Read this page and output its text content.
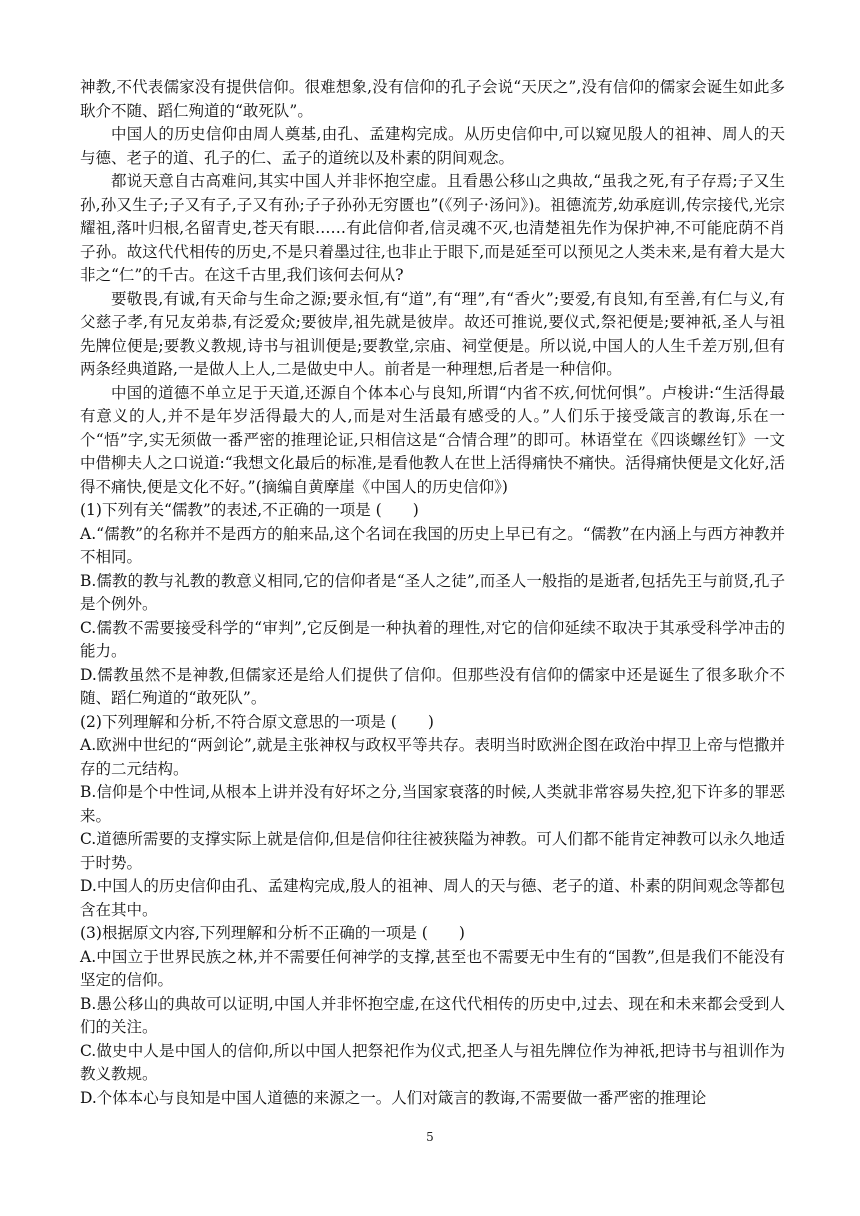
神教,不代表儒家没有提供信仰。很难想象,没有信仰的孔子会说“天厌之”,没有信仰的儒家会诞生如此多耿介不随、蹈仁殉道的“敢死队”。

中国人的历史信仰由周人奠基,由孔、孟建构完成。从历史信仰中,可以窥见殷人的祖神、周人的天与德、老子的道、孔子的仁、孟子的道统以及朴素的阴间观念。

都说天意自古高难问,其实中国人并非怀抱空虚。且看愚公移山之典故,“虽我之死,有子存焉;子又生孙,孙又生子;子又有子,子又有孙;子子孙孙无穷匮也”(《列子·汤问》)。祖德流芳,幼承庭训,传宗接代,光宗耀祖,落叶归根,名留青史,苍天有眼……有此信仰者,信灵魂不灭,也清楚祖先作为保护神,不可能庇荫不肖子孙。故这代代相传的历史,不是只着墨过往,也非止于眼下,而是延至可以预见之人类未来,是有着大是大非之“仁”的千古。在这千古里,我们该何去何从?

要敬畏,有诚,有天命与生命之源;要永恒,有“道”,有“理”,有“香火”;要爱,有良知,有至善,有仁与义,有父慈子孝,有兄友弟恭,有泛爱众;要彼岸,祖先就是彼岸。故还可推说,要仪式,祭祀便是;要神祇,圣人与祖先牌位便是;要教义教规,诗书与祖训便是;要教堂,宗庙、祠堂便是。所以说,中国人的人生千差万别,但有两条经典道路,一是做人上人,二是做史中人。前者是一种理想,后者是一种信仰。

中国的道德不单立足于天道,还源自个体本心与良知,所谓“内省不疚,何忧何惧”。卢梭讲:“生活得最有意义的人,并不是年岁活得最大的人,而是对生活最有感受的人。”人们乐于接受箴言的教诲,乐在一个“悟”字,实无须做一番严密的推理论证,只相信这是“合情合理”的即可。林语堂在《四谈螺丝钉》一文中借柳夫人之口说道:“我想文化最后的标准,是看他教人在世上活得痛快不痛快。活得痛快便是文化好,活得不痛快,便是文化不好。”(摘编自黄摩崖《中国人的历史信仰》)

(1)下列有关“儒教”的表述,不正确的一项是 (　　)

A.“儒教”的名称并不是西方的舶来品,这个名词在我国的历史上早已有之。“儒教”在内涵上与西方神教并不相同。

B.儒教的教与礼教的教意义相同,它的信仰者是“圣人之徒”,而圣人一般指的是逝者,包括先王与前贤,孔子是个例外。

C.儒教不需要接受科学的“审判”,它反倒是一种执着的理性,对它的信仰延续不取决于其承受科学冲击的能力。

D.儒教虽然不是神教,但儒家还是给人们提供了信仰。但那些没有信仰的儒家中还是诞生了很多耿介不随、蹈仁殉道的“敢死队”。

(2)下列理解和分析,不符合原文意思的一项是 (　　)

A.欧洲中世纪的“两剑论”,就是主张神权与政权平等共存。表明当时欧洲企图在政治中捍卫上帝与恺撒并存的二元结构。

B.信仰是个中性词,从根本上讲并没有好坏之分,当国家衰落的时候,人类就非常容易失控,犯下许多的罪恶来。

C.道德所需要的支撑实际上就是信仰,但是信仰往往被狭隘为神教。可人们都不能肯定神教可以永久地适于时势。

D.中国人的历史信仰由孔、孟建构完成,殷人的祖神、周人的天与德、老子的道、朴素的阴间观念等都包含在其中。

(3)根据原文内容,下列理解和分析不正确的一项是 (　　)

A.中国立于世界民族之林,并不需要任何神学的支撑,甚至也不需要无中生有的“国教”,但是我们不能没有坚定的信仰。

B.愚公移山的典故可以证明,中国人并非怀抱空虚,在这代代相传的历史中,过去、现在和未来都会受到人们的关注。

C.做史中人是中国人的信仰,所以中国人把祭祀作为仪式,把圣人与祖先牌位作为神祇,把诗书与祖训作为教义教规。

D.个体本心与良知是中国人道德的来源之一。人们对箴言的教诲,不需要做一番严密的推理论

5
